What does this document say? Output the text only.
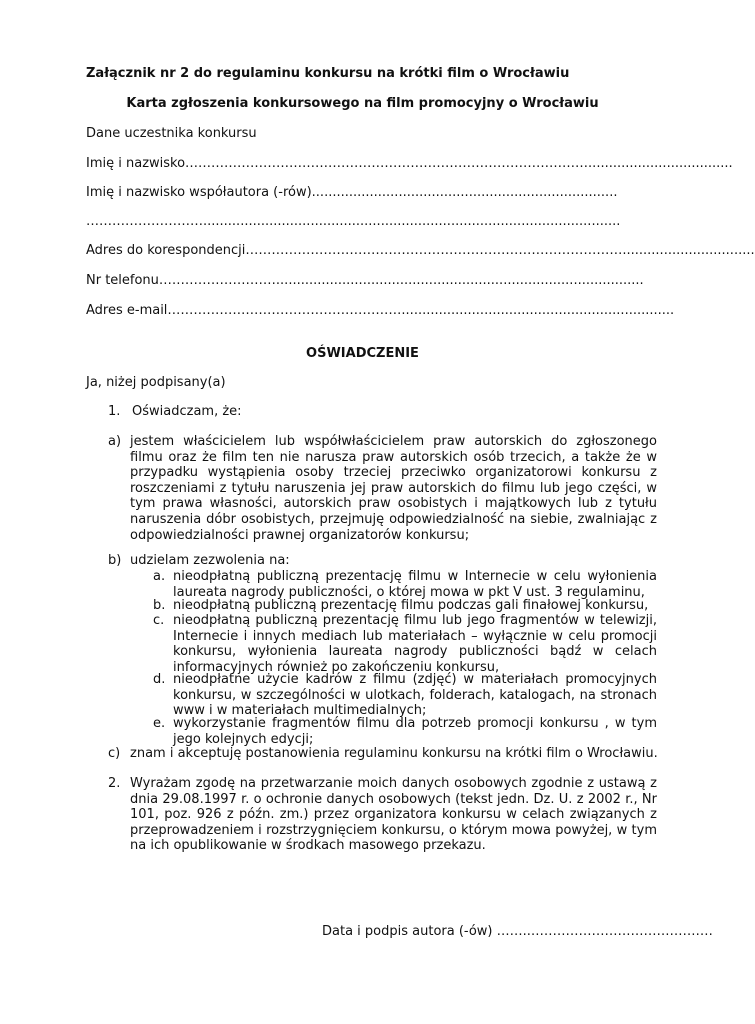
Załącznik nr 2 do regulaminu konkursu na krótki film o Wrocławiu
Karta zgłoszenia konkursowego na film promocyjny o Wrocławiu
Dane uczestnika konkursu
Imię i nazwisko…………………………………………………………………………………...................................
Imię i nazwisko współautora (-rów)..........................................................................
……………………….....................................................................................................
Adres do korespondencji……………………………………………………………………………................................
Nr telefonu……………………….........................................................................................
Adres e-mail………………………………………………..................................................................
OŚWIADCZENIE
Ja, niżej podpisany(a)
1. Oświadczam, że:
a) jestem właścicielem lub współwłaścicielem praw autorskich do zgłoszonego filmu oraz że film ten nie narusza praw autorskich osób trzecich, a także że w przypadku wystąpienia osoby trzeciej przeciwko organizatorowi konkursu z roszczeniami z tytułu naruszenia jej praw autorskich do filmu lub jego części, w tym prawa własności, autorskich praw osobistych i majątkowych lub z tytułu naruszenia dóbr osobistych, przejmuję odpowiedzialność na siebie, zwalniając z odpowiedzialności prawnej organizatorów konkursu;
b) udzielam zezwolenia na:
a. nieodpłatną publiczną prezentację filmu w Internecie w celu wyłonienia laureata nagrody publiczności, o której mowa w pkt V ust. 3 regulaminu,
b. nieodpłatną publiczną prezentację filmu podczas gali finałowej konkursu,
c. nieodpłatną publiczną prezentację filmu lub jego fragmentów w telewizji, Internecie i innych mediach lub materiałach – wyłącznie w celu promocji konkursu, wyłonienia laureata nagrody publiczności bądź w celach informacyjnych również po zakończeniu konkursu,
d. nieodpłatne użycie kadrów z filmu (zdjęć) w materiałach promocyjnych konkursu, w szczególności w ulotkach, folderach, katalogach, na stronach www i w materiałach multimedialnych;
e. wykorzystanie fragmentów filmu dla potrzeb promocji konkursu , w tym jego kolejnych edycji;
c) znam i akceptuję postanowienia regulaminu konkursu na krótki film o Wrocławiu.
2. Wyrażam zgodę na przetwarzanie moich danych osobowych zgodnie z ustawą z dnia 29.08.1997 r. o ochronie danych osobowych (tekst jedn. Dz. U. z 2002 r., Nr 101, poz. 926 z późn. zm.) przez organizatora konkursu w celach związanych z przeprowadzeniem i rozstrzygnięciem konkursu, o którym mowa powyżej, w tym na ich opublikowanie w środkach masowego przekazu.
Data i podpis autora (-ów) ……..……………………………………
